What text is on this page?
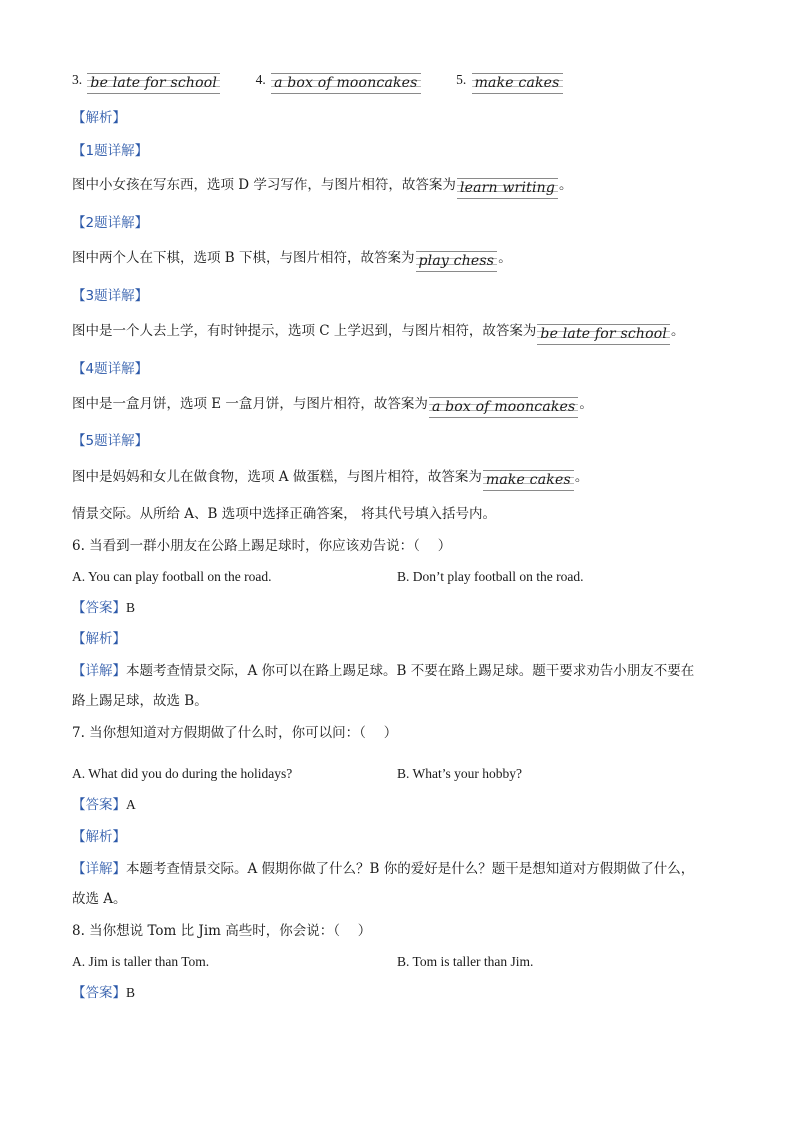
3. be late for school	4. a box of mooncakes	5. make cakes
【解析】
【1题详解】
图中小女孩在写东西，选项 D 学习写作，与图片相符，故答案为 learn writing 。
【2题详解】
图中两个人在下棋，选项 B 下棋，与图片相符，故答案为 play chess 。
【3题详解】
图中是一个人去上学，有时钟提示，选项 C 上学迟到，与图片相符，故答案为 be late for school 。
【4题详解】
图中是一盒月饼，选项 E 一盒月饼，与图片相符，故答案为 a box of mooncakes 。
【5题详解】
图中是妈妈和女儿在做食物，选项 A 做蛋糕，与图片相符，故答案为 make cakes 。
情景交际。从所给 A、B 选项中选择正确答案， 将其代号填入括号内。
6. 当看到一群小朋友在公路上踢足球时，你应该劝告说：（　 ）
A. You can play football on the road.	B. Don’t play football on the road.
【答案】B
【解析】
【详解】本题考查情景交际，A 你可以在路上踢足球。B 不要在路上踢足球。题干要求劝告小朋友不要在
路上踢足球，故选 B。
7. 当你想知道对方假期做了什么时，你可以问：（　 ）
A. What did you do during the holidays?	B. What’s your hobby?
【答案】A
【解析】
【详解】本题考查情景交际。A 假期你做了什么？B 你的爱好是什么？题干是想知道对方假期做了什么，
故选 A。
8. 当你想说 Tom 比 Jim 高些时，你会说：（　 ）
A. Jim is taller than Tom.	B. Tom is taller than Jim.
【答案】B
